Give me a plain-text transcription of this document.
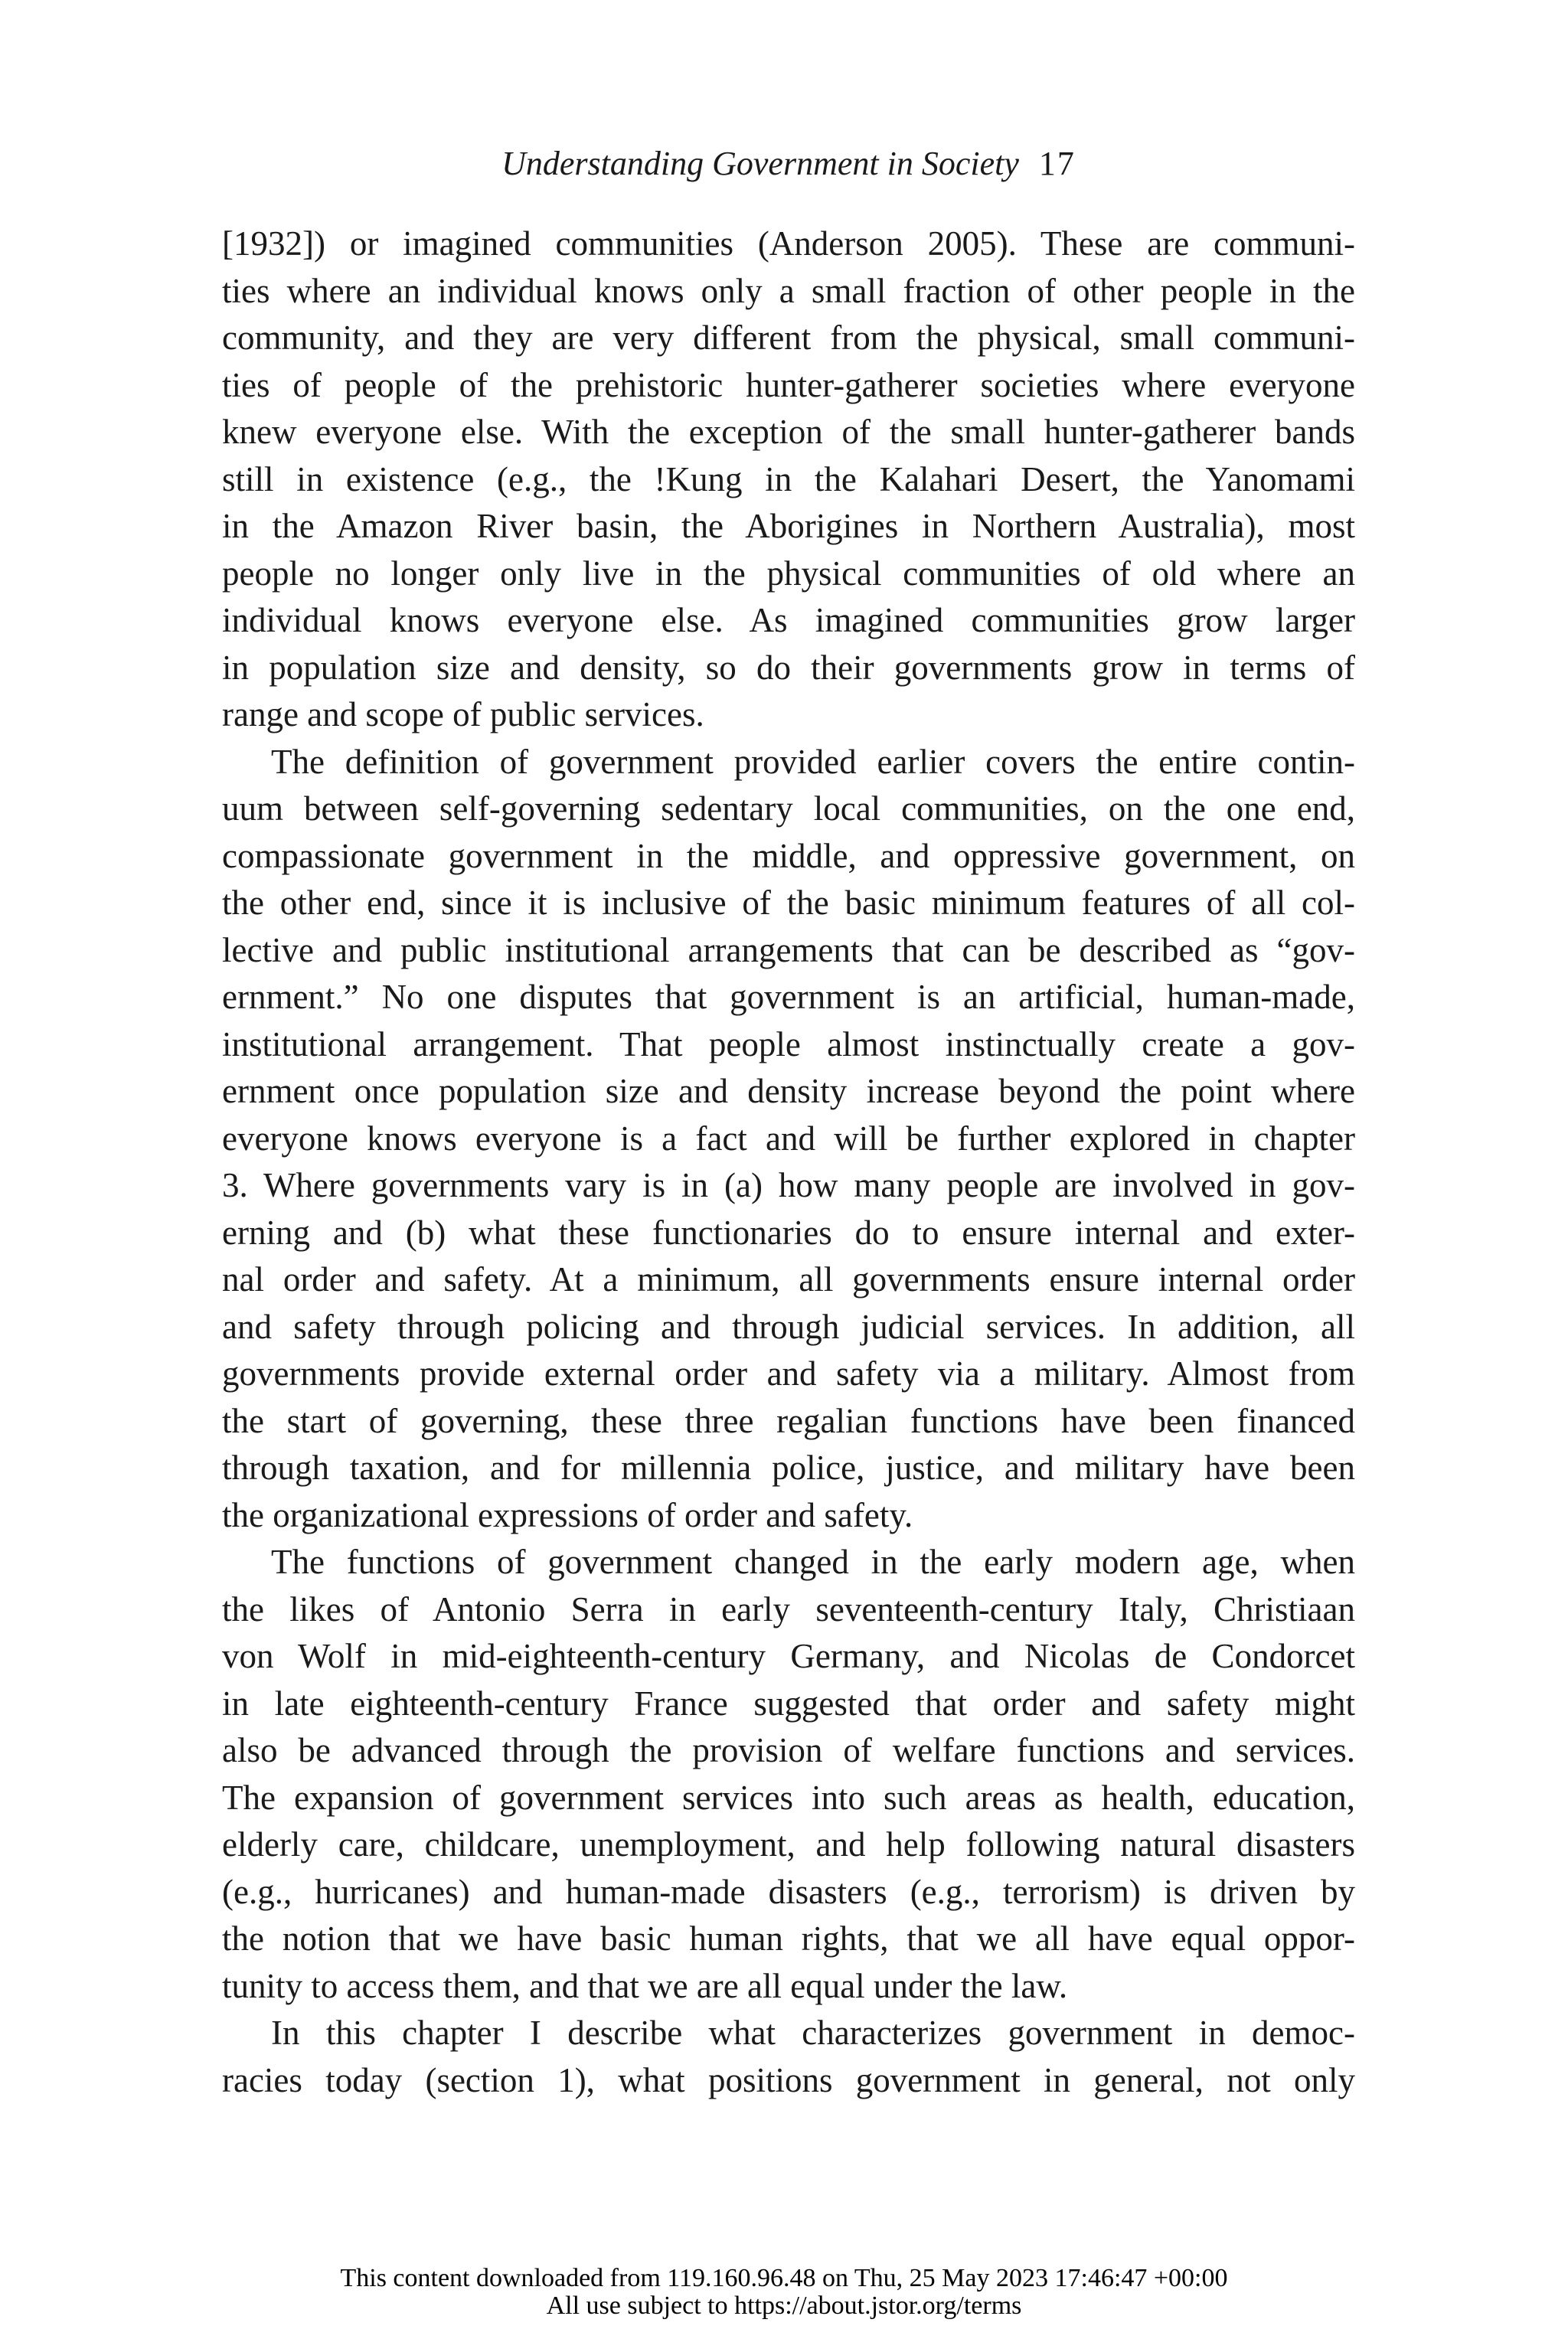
Understanding Government in Society 17

[1932]) or imagined communities (Anderson 2005). These are communi-
ties where an individual knows only a small fraction of other people in the
community, and they are very different from the physical, small communi-
ties of people of the prehistoric hunter-gatherer societies where everyone
knew everyone else. With the exception of the small hunter-gatherer bands
still in existence (e.g., the !Kung in the Kalahari Desert, the Yanomami
in the Amazon River basin, the Aborigines in Northern Australia), most
people no longer only live in the physical communities of old where an
individual knows everyone else. As imagined communities grow larger
in population size and density, so do their governments grow in terms of
range and scope of public services.

The definition of government provided earlier covers the entire contin-
uum between self-governing sedentary local communities, on the one end,
compassionate government in the middle, and oppressive government, on
the other end, since it is inclusive of the basic minimum features of all col-
lective and public institutional arrangements that can be described as “gov-
ernment.” No one disputes that government is an artificial, human-made,
institutional arrangement. That people almost instinctually create a gov-
ernment once population size and density increase beyond the point where
everyone knows everyone is a fact and will be further explored in chapter
3. Where governments vary is in (a) how many people are involved in gov-
erning and (b) what these functionaries do to ensure internal and exter-
nal order and safety. At a minimum, all governments ensure internal order
and safety through policing and through judicial services. In addition, all
governments provide external order and safety via a military. Almost from
the start of governing, these three regalian functions have been financed
through taxation, and for millennia police, justice, and military have been
the organizational expressions of order and safety.

The functions of government changed in the early modern age, when
the likes of Antonio Serra in early seventeenth-century Italy, Christiaan
von Wolf in mid-eighteenth-century Germany, and Nicolas de Condorcet
in late eighteenth-century France suggested that order and safety might
also be advanced through the provision of welfare functions and services.
The expansion of government services into such areas as health, education,
elderly care, childcare, unemployment, and help following natural disasters
(e.g., hurricanes) and human-made disasters (e.g., terrorism) is driven by
the notion that we have basic human rights, that we all have equal oppor-
tunity to access them, and that we are all equal under the law.

In this chapter I describe what characterizes government in democ-
racies today (section 1), what positions government in general, not only

This content downloaded from 119.160.96.48 on Thu, 25 May 2023 17:46:47 +00:00
All use subject to https://about.jstor.org/terms
